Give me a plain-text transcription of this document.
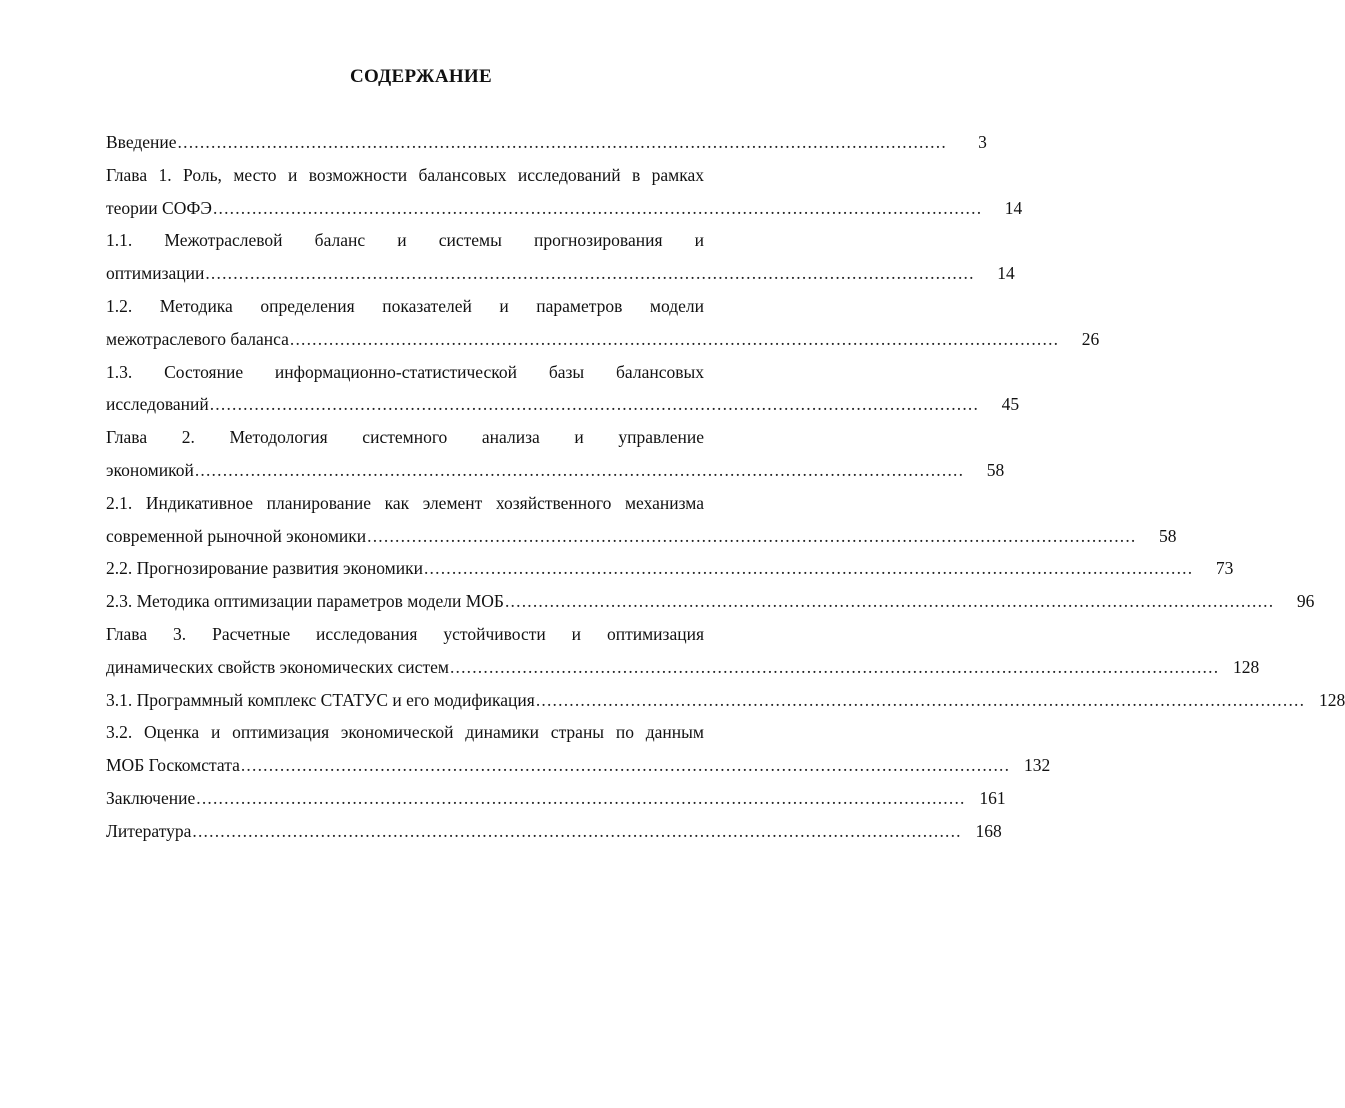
СОДЕРЖАНИЕ
Введение ..........................................................................................................................................	3
Глава 1. Роль, место и возможности балансовых исследований в рамках
теории СОФЭ ..........................................................................................................................................	14
1.1. Межотраслевой баланс и системы прогнозирования и
оптимизации ..........................................................................................................................................	14
1.2. Методика определения показателей и параметров модели
межотраслевого баланса ..........................................................................................................................................	26
1.3. Состояние информационно-статистической базы балансовых
исследований ..........................................................................................................................................	45
Глава 2. Методология системного анализа и управление
экономикой ..........................................................................................................................................	58
2.1. Индикативное планирование как элемент хозяйственного механизма
современной рыночной экономики ..........................................................................................................................................	58
2.2. Прогнозирование развития экономики ..........................................................................................................................................	73
2.3. Методика оптимизации параметров модели МОБ ..........................................................................................................................................	96
Глава 3. Расчетные исследования устойчивости и оптимизация
динамических свойств экономических систем .......................................................................................................................................... 128
3.1. Программный комплекс СТАТУС и его модификация .......................................................................................................................................... 128
3.2. Оценка и оптимизация экономической динамики страны по данным
МОБ Госкомстата .......................................................................................................................................... 132
Заключение .......................................................................................................................................... 161
Литература .......................................................................................................................................... 168
